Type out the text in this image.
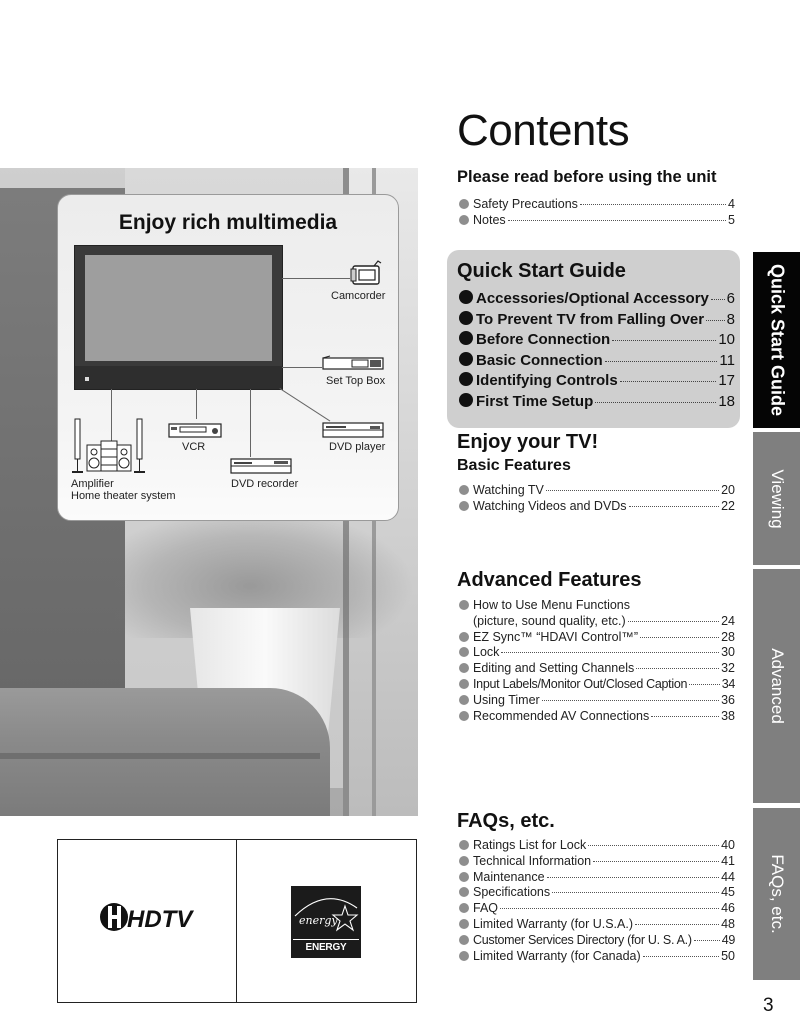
Enjoy rich multimedia
Camcorder
Set Top Box
VCR	DVD player
DVD recorder
Amplifier
Home theater system
HDTV	energy
ENERGY STAR
Contents
Please read before using the unit
Safety Precautions	4
Notes	5
Quick Start Guide
Accessories/Optional Accessory 6
To Prevent TV from Falling Over 8
Before Connection	10
Basic Connection	11
Identifying Controls	17
First Time Setup	18
Enjoy your TV!
Basic Features
Watching TV	20
Watching Videos and DVDs	22
Advanced Features
How to Use Menu Functions
(picture, sound quality, etc.)	24
EZ Sync™ “HDAVI Control™”	28
Lock	30
Editing and Setting Channels	32
Input Labels/Monitor Out/Closed Caption	34
Using Timer	36
Recommended AV Connections	38
FAQs, etc.
Ratings List for Lock	40
Technical Information	41
Maintenance	44
Specifications	45
FAQ	46
Limited Warranty (for U.S.A.)	48
Customer Services Directory (for U. S. A.) 49
Limited Warranty (for Canada)	50
Quick Start Guide
Viewing
Advanced
FAQs, etc.
3
